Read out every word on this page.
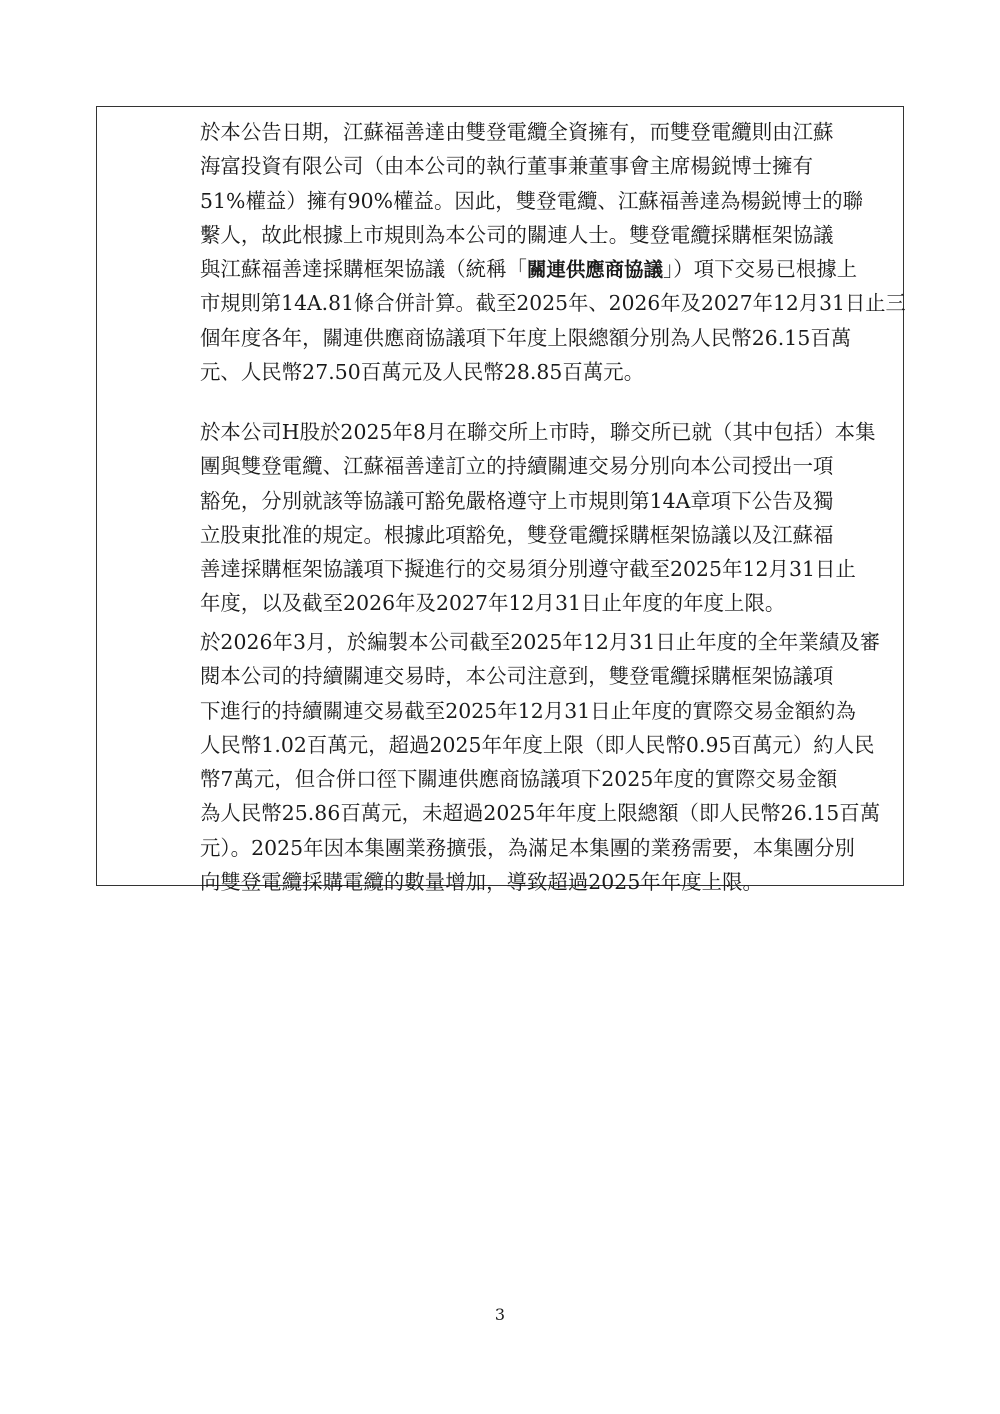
於本公告日期，江蘇福善達由雙登電纜全資擁有，而雙登電纜則由江蘇
海富投資有限公司（由本公司的執行董事兼董事會主席楊鋭博士擁有
51%權益）擁有90%權益。因此，雙登電纜、江蘇福善達為楊鋭博士的聯
繫人，故此根據上市規則為本公司的關連人士。雙登電纜採購框架協議
與江蘇福善達採購框架協議（統稱「關連供應商協議」）項下交易已根據上
市規則第14A.81條合併計算。截至2025年、2026年及2027年12月31日止三
個年度各年，關連供應商協議項下年度上限總額分別為人民幣26.15百萬
元、人民幣27.50百萬元及人民幣28.85百萬元。

於本公司H股於2025年8月在聯交所上市時，聯交所已就（其中包括）本集
團與雙登電纜、江蘇福善達訂立的持續關連交易分別向本公司授出一項
豁免，分別就該等協議可豁免嚴格遵守上市規則第14A章項下公告及獨
立股東批准的規定。根據此項豁免，雙登電纜採購框架協議以及江蘇福
善達採購框架協議項下擬進行的交易須分別遵守截至2025年12月31日止
年度，以及截至2026年及2027年12月31日止年度的年度上限。

於2026年3月，於編製本公司截至2025年12月31日止年度的全年業績及審
閱本公司的持續關連交易時，本公司注意到，雙登電纜採購框架協議項
下進行的持續關連交易截至2025年12月31日止年度的實際交易金額約為
人民幣1.02百萬元，超過2025年年度上限（即人民幣0.95百萬元）約人民
幣7萬元，但合併口徑下關連供應商協議項下2025年度的實際交易金額
為人民幣25.86百萬元，未超過2025年年度上限總額（即人民幣26.15百萬
元）。2025年因本集團業務擴張，為滿足本集團的業務需要，本集團分別
向雙登電纜採購電纜的數量增加，導致超過2025年年度上限。

3
